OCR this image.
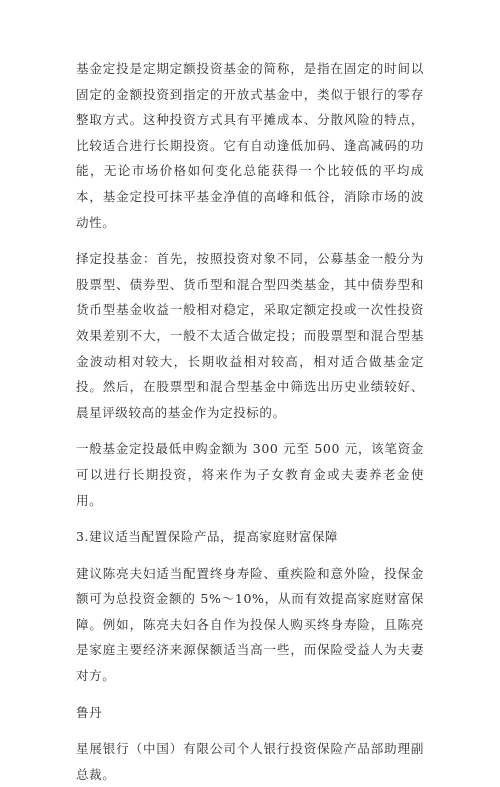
基金定投是定期定额投资基金的简称，是指在固定的时间以固定的金额投资到指定的开放式基金中，类似于银行的零存整取方式。这种投资方式具有平摊成本、分散风险的特点，比较适合进行长期投资。它有自动逢低加码、逢高减码的功能，无论市场价格如何变化总能获得一个比较低的平均成本，基金定投可抹平基金净值的高峰和低谷，消除市场的波动性。

择定投基金：首先，按照投资对象不同，公募基金一般分为股票型、债券型、货币型和混合型四类基金，其中债券型和货币型基金收益一般相对稳定，采取定额定投或一次性投资效果差别不大，一般不太适合做定投；而股票型和混合型基金波动相对较大，长期收益相对较高，相对适合做基金定投。然后，在股票型和混合型基金中筛选出历史业绩较好、晨星评级较高的基金作为定投标的。

一般基金定投最低申购金额为 300 元至 500 元，该笔资金可以进行长期投资，将来作为子女教育金或夫妻养老金使用。

3.建议适当配置保险产品，提高家庭财富保障

建议陈亮夫妇适当配置终身寿险、重疾险和意外险，投保金额可为总投资金额的 5%～10%，从而有效提高家庭财富保障。例如，陈亮夫妇各自作为投保人购买终身寿险，且陈亮是家庭主要经济来源保额适当高一些，而保险受益人为夫妻对方。

鲁丹

星展银行（中国）有限公司个人银行投资保险产品部助理副总裁。
